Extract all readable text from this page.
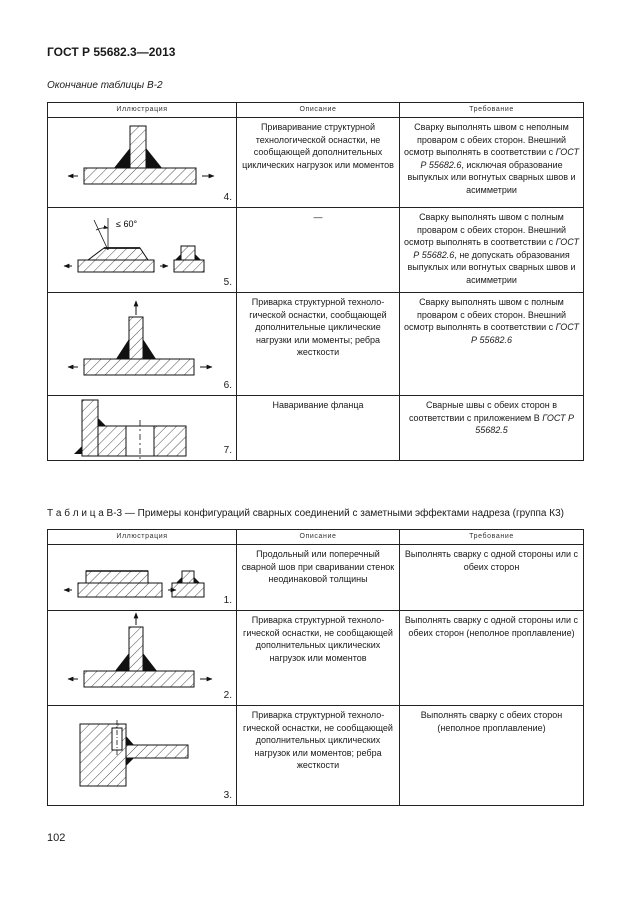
ГОСТ Р 55682.3—2013
Окончание таблицы В-2
Иллюстрация	Описание	Требование

4.	Приваривание структурной технологической оснастки, не сообщающей дополнительных циклических нагрузок или моментов	Сварку выполнять швом с неполным проваром с обеих сторон. Внешний осмотр выполнять в соответствии с ГОСТ Р 55682.6, исключая образование выпуклых или вогнутых сварных швов и асимметрии

≤ 60°
5.	—	Сварку выполнять швом с полным проваром с обеих сторон. Внешний осмотр выполнять в соответствии с ГОСТ Р 55682.6, не допускать образования выпуклых или вогнутых сварных швов и асимметрии

6.	Приварка структурной технологической оснастки, сообщающей дополнительные циклические нагрузки или моменты; ребра жесткости	Сварку выполнять швом с полным проваром с обеих сторон. Внешний осмотр выполнять в соответствии с ГОСТ Р 55682.6

7.	Наваривание фланца	Сварные швы с обеих сторон в соответствии с приложением В ГОСТ Р 55682.5
Т а б л и ц а В-3 — Примеры конфигураций сварных соединений с заметными эффектами надреза (группа К3)
Иллюстрация	Описание	Требование

1.	Продольный или поперечный сварной шов при сваривании стенок неодинаковой толщины	Выполнять сварку с одной стороны или с обеих сторон

2.	Приварка структурной технологической оснастки, не сообщающей дополнительных циклических нагрузок или моментов	Выполнять сварку с одной стороны или с обеих сторон (неполное проплавление)

3.	Приварка структурной технологической оснастки, не сообщающей дополнительных циклических нагрузок или моментов; ребра жесткости	Выполнять сварку с обеих сторон (неполное проплавление)
102
